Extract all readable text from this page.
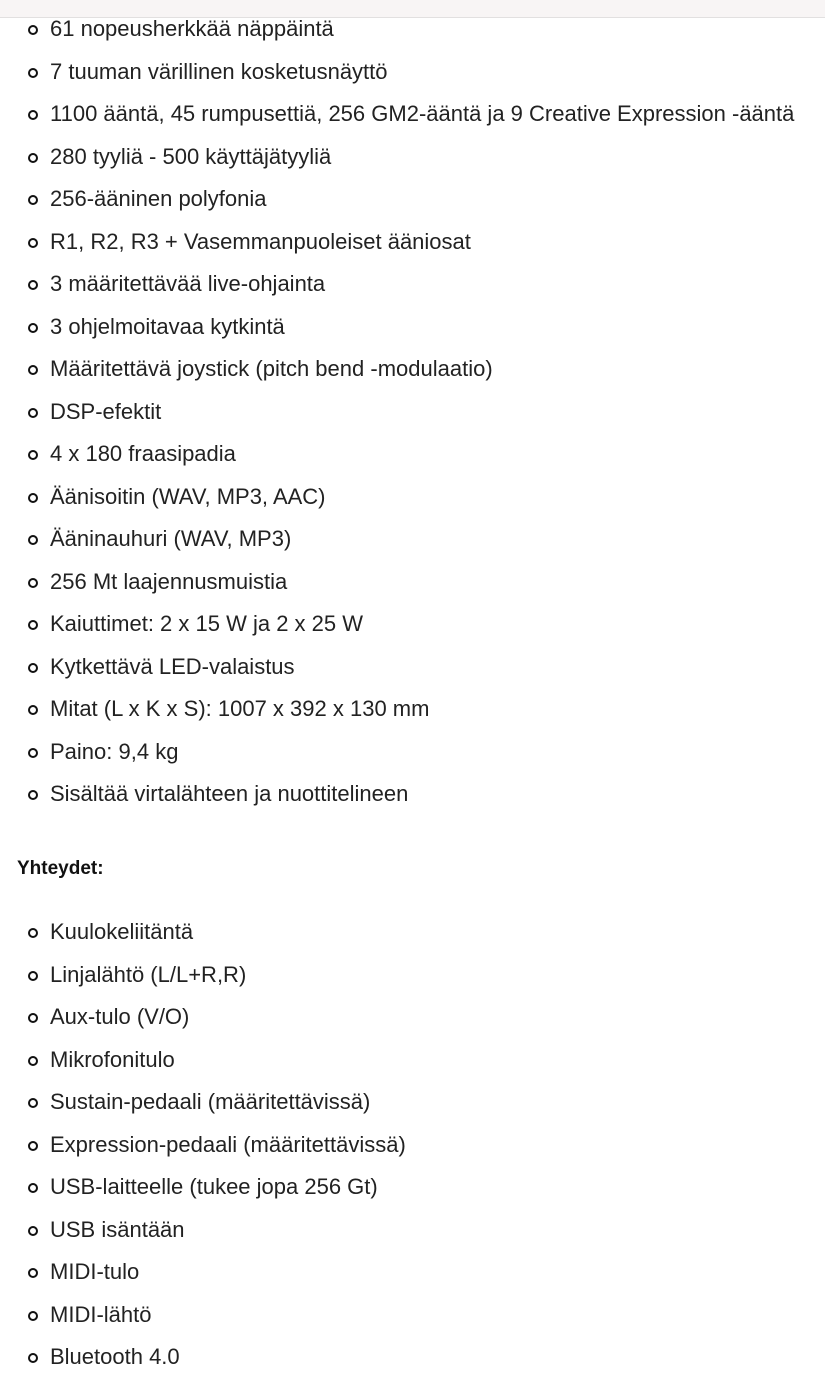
61 nopeusherkkää näppäintä
7 tuuman värillinen kosketusnäyttö
1100 ääntä, 45 rumpusettiä, 256 GM2-ääntä ja 9 Creative Expression -ääntä
280 tyyliä - 500 käyttäjätyyliä
256-ääninen polyfonia
R1, R2, R3 + Vasemmanpuoleiset ääniosat
3 määritettävää live-ohjainta
3 ohjelmoitavaa kytkintä
Määritettävä joystick (pitch bend -modulaatio)
DSP-efektit
4 x 180 fraasipadia
Äänisoitin (WAV, MP3, AAC)
Ääninauhuri (WAV, MP3)
256 Mt laajennusmuistia
Kaiuttimet: 2 x 15 W ja 2 x 25 W
Kytkettävä LED-valaistus
Mitat (L x K x S): 1007 x 392 x 130 mm
Paino: 9,4 kg
Sisältää virtalähteen ja nuottitelineen
Yhteydet:
Kuulokeliitäntä
Linjalähtö (L/L+R,R)
Aux-tulo (V/O)
Mikrofonitulo
Sustain-pedaali (määritettävissä)
Expression-pedaali (määritettävissä)
USB-laitteelle (tukee jopa 256 Gt)
USB isäntään
MIDI-tulo
MIDI-lähtö
Bluetooth 4.0
